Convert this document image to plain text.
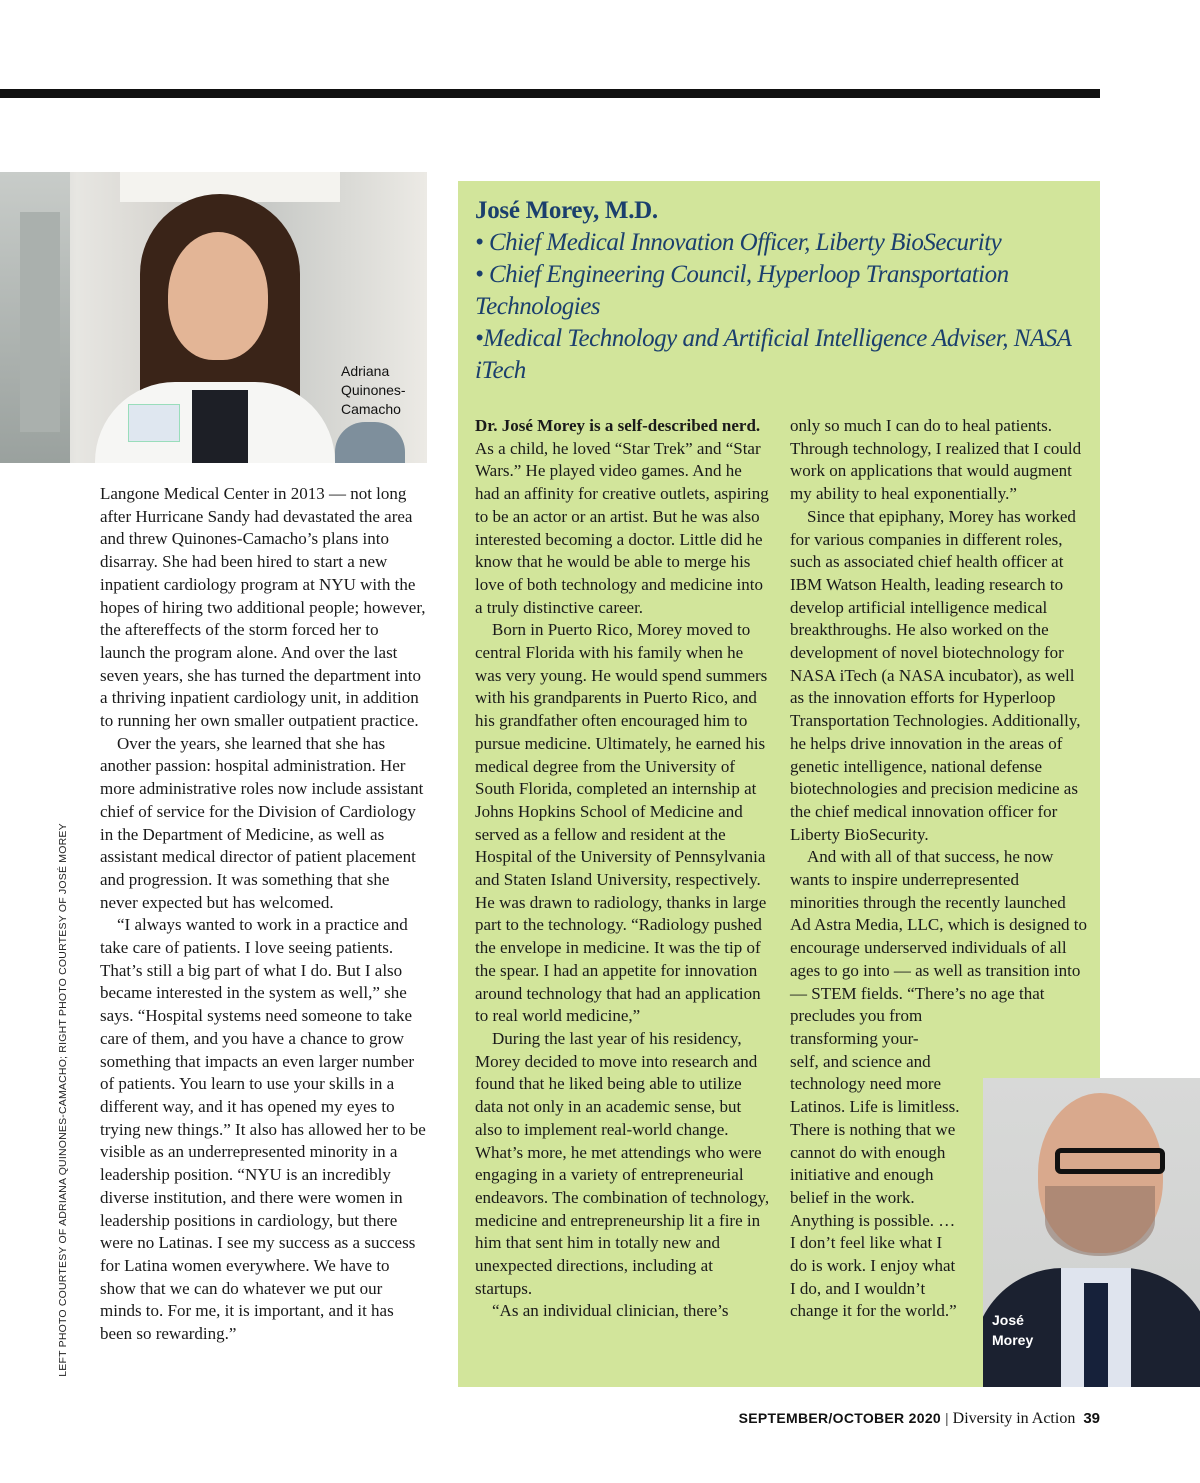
Adriana
Quinones-
Camacho
LEFT PHOTO COURTESY OF ADRIANA QUINONES-CAMACHO; RIGHT PHOTO COURTESY OF JOSÉ MOREY

Langone Medical Center in 2013 — not long after Hurricane Sandy had devastated the area and threw Quinones-Camacho’s plans into disarray. She had been hired to start a new inpatient cardiology program at NYU with the hopes of hiring two additional people; however, the aftereffects of the storm forced her to launch the program alone. And over the last seven years, she has turned the department into a thriving inpatient cardiology unit, in addition to running her own smaller outpatient practice.

Over the years, she learned that she has another passion: hospital administration. Her more administrative roles now include assistant chief of service for the Division of Cardiology in the Department of Medicine, as well as assistant medical director of patient placement and progression. It was something that she never expected but has welcomed.

“I always wanted to work in a practice and take care of patients. I love seeing patients. That’s still a big part of what I do. But I also became interested in the system as well,” she says. “Hospital systems need someone to take care of them, and you have a chance to grow something that impacts an even larger number of patients. You learn to use your skills in a different way, and it has opened my eyes to trying new things.” It also has allowed her to be visible as an underrepresented minority in a leadership position. “NYU is an incredibly diverse institution, and there were women in leadership positions in cardiology, but there were no Latinas. I see my success as a success for Latina women everywhere. We have to show that we can do whatever we put our minds to. For me, it is important, and it has been so rewarding.”

José Morey, M.D.
• Chief Medical Innovation Officer, Liberty BioSecurity
• Chief Engineering Council, Hyperloop Transportation Technologies
•Medical Technology and Artificial Intelligence Adviser, NASA iTech

Dr. José Morey is a self-described nerd. As a child, he loved “Star Trek” and “Star Wars.” He played video games. And he had an affinity for creative outlets, aspiring to be an actor or an artist. But he was also interested becoming a doctor. Little did he know that he would be able to merge his love of both technology and medicine into a truly distinctive career.

Born in Puerto Rico, Morey moved to central Florida with his family when he was very young. He would spend summers with his grandparents in Puerto Rico, and his grandfather often encouraged him to pursue medicine. Ultimately, he earned his medical degree from the University of South Florida, completed an internship at Johns Hopkins School of Medicine and served as a fellow and resident at the Hospital of the University of Pennsylvania and Staten Island University, respectively. He was drawn to radiology, thanks in large part to the technology. “Radiology pushed the envelope in medicine. It was the tip of the spear. I had an appetite for innovation around technology that had an application to real world medicine,”

During the last year of his residency, Morey decided to move into research and found that he liked being able to utilize data not only in an academic sense, but also to implement real-world change. What’s more, he met attendings who were engaging in a variety of entrepreneurial endeavors. The combination of technology, medicine and entrepreneurship lit a fire in him that sent him in totally new and unexpected directions, including at startups.

“As an individual clinician, there’s

only so much I can do to heal patients. Through technology, I realized that I could work on applications that would augment my ability to heal exponentially.”

Since that epiphany, Morey has worked for various companies in different roles, such as associated chief health officer at IBM Watson Health, leading research to develop artificial intelligence medical breakthroughs. He also worked on the development of novel biotechnology for NASA iTech (a NASA incubator), as well as the innovation efforts for Hyperloop Transportation Technologies. Additionally, he helps drive innovation in the areas of genetic intelligence, national defense biotechnologies and precision medicine as the chief medical innovation officer for Liberty BioSecurity.

And with all of that success, he now wants to inspire underrepresented minorities through the recently launched Ad Astra Media, LLC, which is designed to encourage underserved individuals of all ages to go into — as well as transition into — STEM fields. “There’s no age that precludes you from

transforming your-
self, and science and
technology need more
Latinos. Life is limitless.
There is nothing that we
cannot do with enough
initiative and enough
belief in the work.
Anything is possible. …
I don’t feel like what I
do is work. I enjoy what
I do, and I wouldn’t
change it for the world.”	José
Morey
SEPTEMBER/OCTOBER 2020 | Diversity in Action 39
